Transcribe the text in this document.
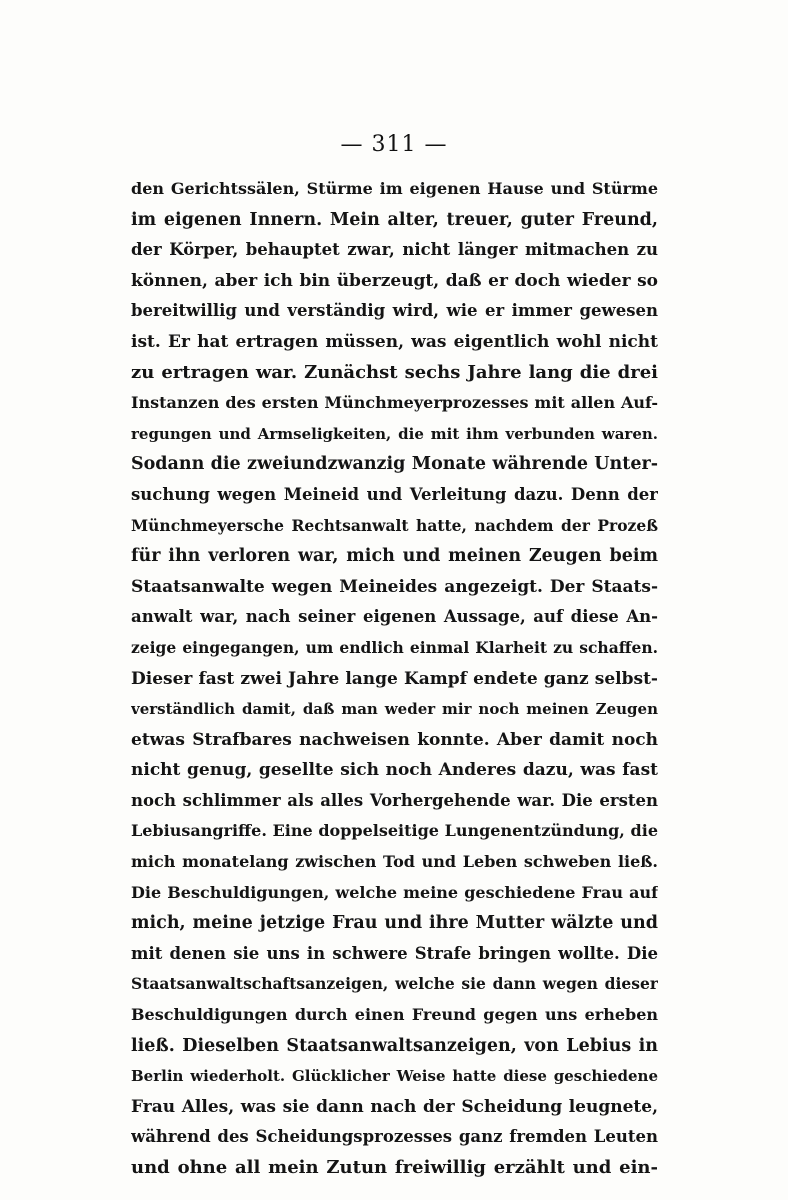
— 311 —
den Gerichtssälen, Stürme im eigenen Hause und Stürme
im eigenen Innern. Mein alter, treuer, guter Freund,
der Körper, behauptet zwar, nicht länger mitmachen zu
können, aber ich bin überzeugt, daß er doch wieder so
bereitwillig und verständig wird, wie er immer gewesen
ist. Er hat ertragen müssen, was eigentlich wohl nicht
zu ertragen war. Zunächst sechs Jahre lang die drei
Instanzen des ersten Münchmeyerprozesses mit allen Auf-
regungen und Armseligkeiten, die mit ihm verbunden waren.
Sodann die zweiundzwanzig Monate währende Unter-
suchung wegen Meineid und Verleitung dazu. Denn der
Münchmeyersche Rechtsanwalt hatte, nachdem der Prozeß
für ihn verloren war, mich und meinen Zeugen beim
Staatsanwalte wegen Meineides angezeigt. Der Staats-
anwalt war, nach seiner eigenen Aussage, auf diese An-
zeige eingegangen, um endlich einmal Klarheit zu schaffen.
Dieser fast zwei Jahre lange Kampf endete ganz selbst-
verständlich damit, daß man weder mir noch meinen Zeugen
etwas Strafbares nachweisen konnte. Aber damit noch
nicht genug, gesellte sich noch Anderes dazu, was fast
noch schlimmer als alles Vorhergehende war. Die ersten
Lebiusangriffe. Eine doppelseitige Lungenentzündung, die
mich monatelang zwischen Tod und Leben schweben ließ.
Die Beschuldigungen, welche meine geschiedene Frau auf
mich, meine jetzige Frau und ihre Mutter wälzte und
mit denen sie uns in schwere Strafe bringen wollte. Die
Staatsanwaltschaftsanzeigen, welche sie dann wegen dieser
Beschuldigungen durch einen Freund gegen uns erheben
ließ. Dieselben Staatsanwaltsanzeigen, von Lebius in
Berlin wiederholt. Glücklicher Weise hatte diese geschiedene
Frau Alles, was sie dann nach der Scheidung leugnete,
während des Scheidungsprozesses ganz fremden Leuten
und ohne all mein Zutun freiwillig erzählt und ein-
